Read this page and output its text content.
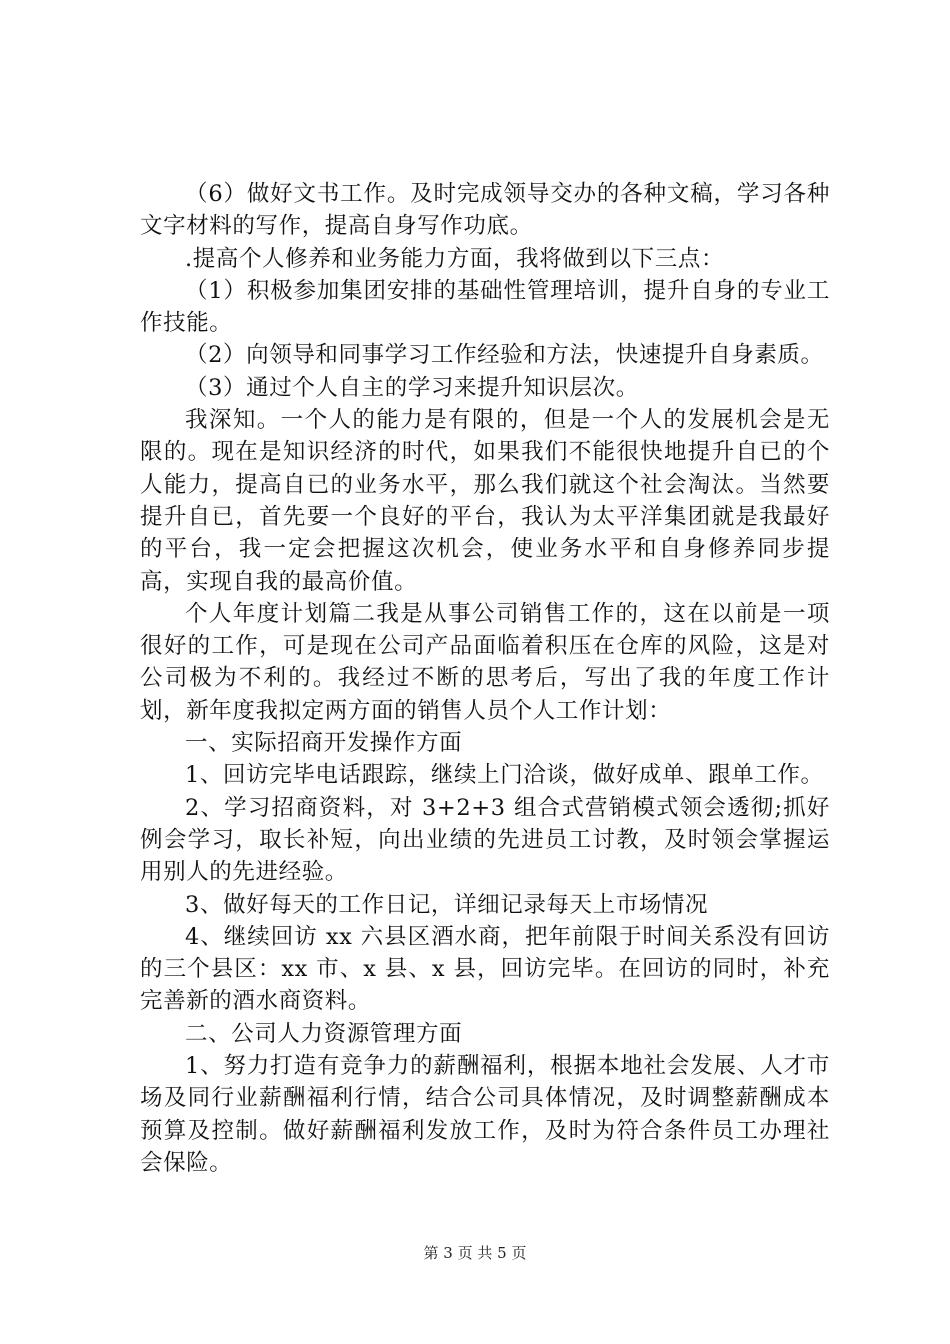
（6）做好文书工作。及时完成领导交办的各种文稿，学习各种文字材料的写作，提高自身写作功底。

.提高个人修养和业务能力方面，我将做到以下三点：

（1）积极参加集团安排的基础性管理培训，提升自身的专业工作技能。

（2）向领导和同事学习工作经验和方法，快速提升自身素质。

（3）通过个人自主的学习来提升知识层次。

我深知。一个人的能力是有限的，但是一个人的发展机会是无限的。现在是知识经济的时代，如果我们不能很快地提升自已的个人能力，提高自已的业务水平，那么我们就这个社会淘汰。当然要提升自已，首先要一个良好的平台，我认为太平洋集团就是我最好的平台，我一定会把握这次机会，使业务水平和自身修养同步提高，实现自我的最高价值。

个人年度计划篇二我是从事公司销售工作的，这在以前是一项很好的工作，可是现在公司产品面临着积压在仓库的风险，这是对公司极为不利的。我经过不断的思考后，写出了我的年度工作计划，新年度我拟定两方面的销售人员个人工作计划：

一、实际招商开发操作方面

1、回访完毕电话跟踪，继续上门洽谈，做好成单、跟单工作。

2、学习招商资料，对 3+2+3 组合式营销模式领会透彻;抓好例会学习，取长补短，向出业绩的先进员工讨教，及时领会掌握运用别人的先进经验。

3、做好每天的工作日记，详细记录每天上市场情况

4、继续回访 xx 六县区酒水商，把年前限于时间关系没有回访的三个县区：xx 市、x 县、x 县，回访完毕。在回访的同时，补充完善新的酒水商资料。

二、公司人力资源管理方面

1、努力打造有竞争力的薪酬福利，根据本地社会发展、人才市场及同行业薪酬福利行情，结合公司具体情况，及时调整薪酬成本预算及控制。做好薪酬福利发放工作，及时为符合条件员工办理社会保险。

第 3 页 共 5 页
